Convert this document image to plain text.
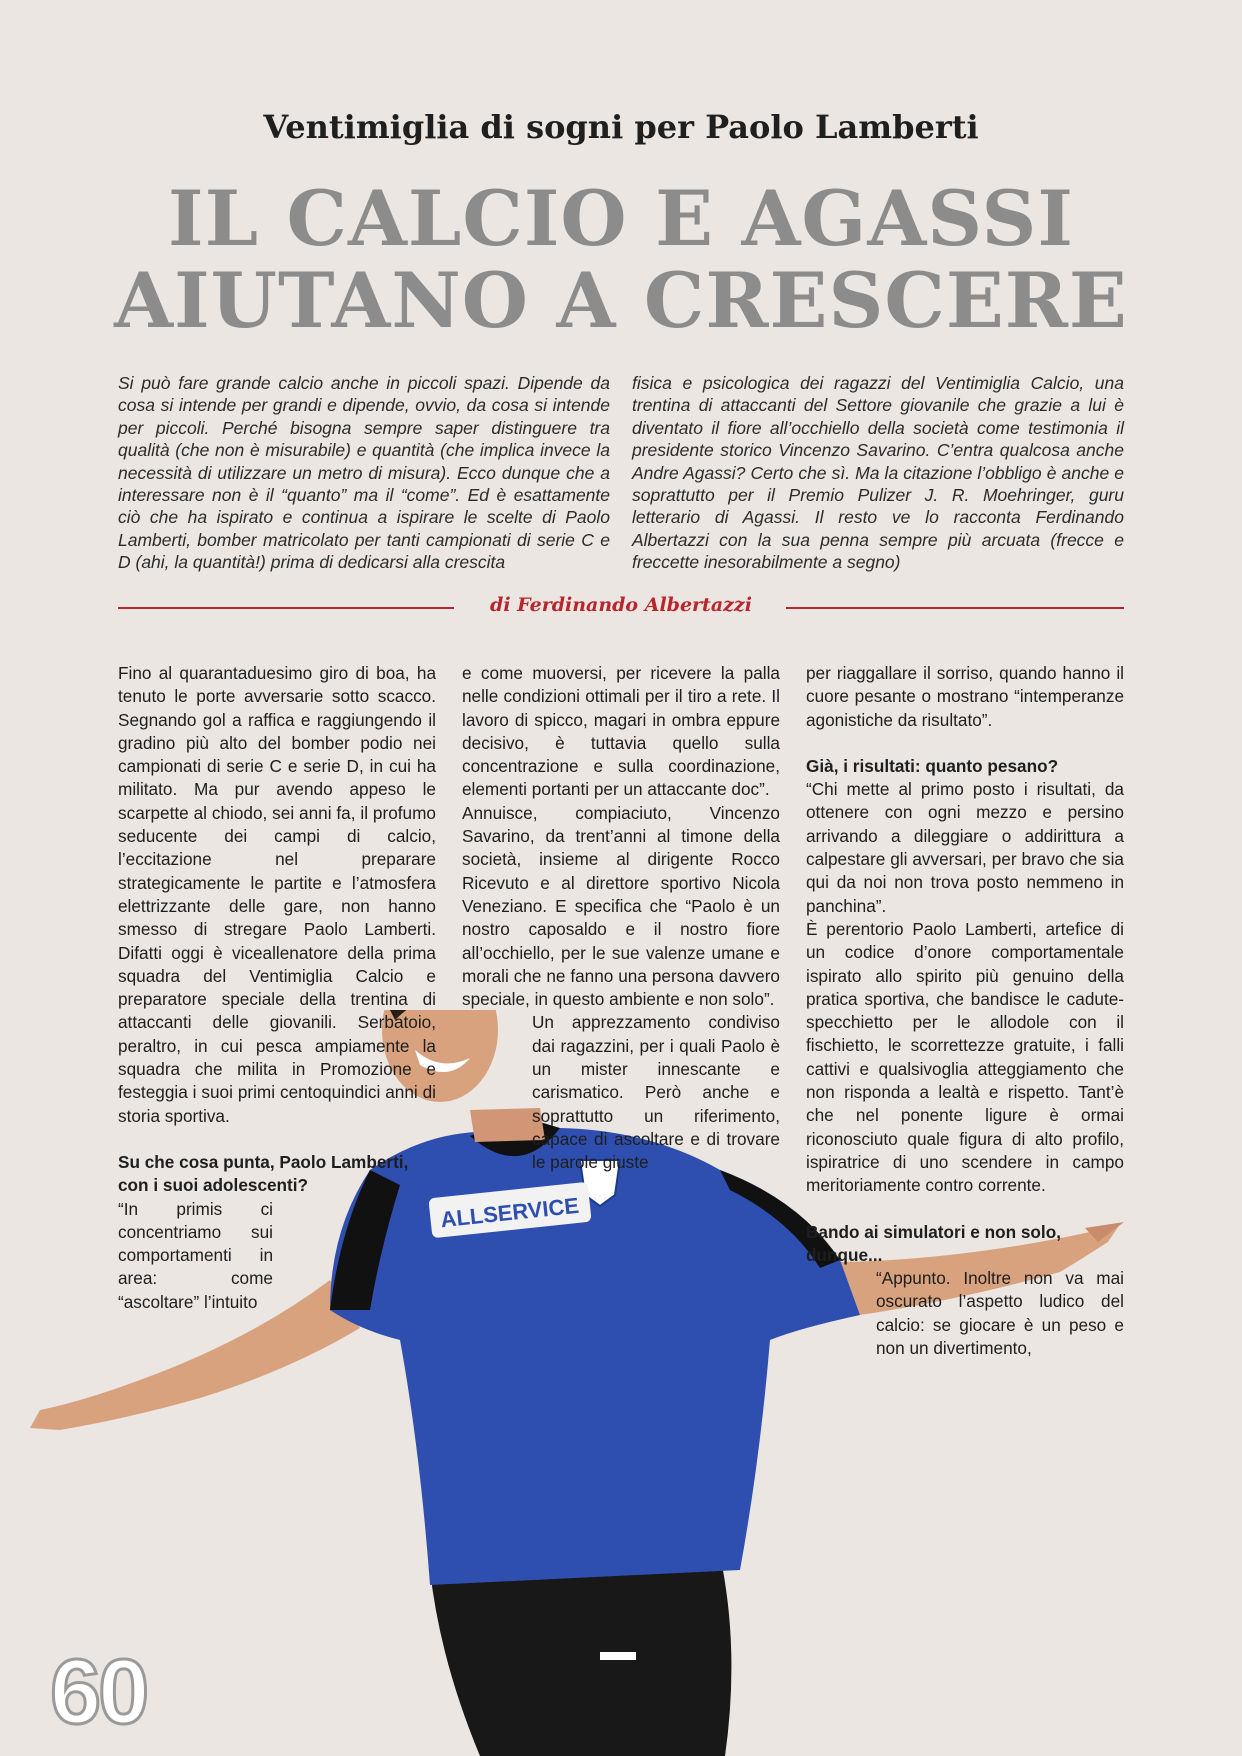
Ventimiglia di sogni per Paolo Lamberti
IL CALCIO E AGASSI
AIUTANO A CRESCERE

Si può fare grande calcio anche in piccoli spazi. Dipende da cosa si intende per grandi e dipende, ovvio, da cosa si intende per piccoli. Perché bisogna sempre saper distinguere tra qualità (che non è misurabile) e quantità (che implica invece la necessità di utilizzare un metro di misura). Ecco dunque che a interessare non è il “quanto” ma il “come”. Ed è esattamente ciò che ha ispirato e continua a ispirare le scelte di Paolo Lamberti, bomber matricolato per tanti campionati di serie C e D (ahi, la quantità!) prima di dedicarsi alla crescita

fisica e psicologica dei ragazzi del Ventimiglia Calcio, una trentina di attaccanti del Settore giovanile che grazie a lui è diventato il fiore all’occhiello della società come testimonia il presidente storico Vincenzo Savarino. C’entra qualcosa anche Andre Agassi? Certo che sì. Ma la citazione l’obbligo è anche e soprattutto per il Premio Pulizer J. R. Moehringer, guru letterario di Agassi. Il resto ve lo racconta Ferdinando Albertazzi con la sua penna sempre più arcuata (frecce e freccette inesorabilmente a segno)

di Ferdinando Albertazzi
ALLSERVICE

Fino al quarantaduesimo giro di boa, ha tenuto le porte avversarie sotto scacco. Segnando gol a raffica e raggiungendo il gradino più alto del bomber podio nei campionati di serie C e serie D, in cui ha militato. Ma pur avendo appeso le scarpette al chiodo, sei anni fa, il profumo seducente dei campi di calcio, l’eccitazione nel preparare strategicamente le partite e l’atmosfera elettrizzante delle gare, non hanno smesso di stregare Paolo Lamberti. Difatti oggi è viceallenatore della prima squadra del Ventimiglia Calcio e preparatore speciale della trentina di attaccanti delle giovanili. Serbatoio, peraltro, in cui pesca ampiamente la squadra che milita in Promozione e festeggia i suoi primi centoquindici anni di storia sportiva.

Su che cosa punta, Paolo Lamberti, con i suoi adolescenti?

“In primis ci concentriamo sui comportamenti in area: come “ascoltare” l’intuito

e come muoversi, per ricevere la palla nelle condizioni ottimali per il tiro a rete. Il lavoro di spicco, magari in ombra eppure decisivo, è tuttavia quello sulla concentrazione e sulla coordinazione, elementi portanti per un attaccante doc”.

Annuisce, compiaciuto, Vincenzo Savarino, da trent’anni al timone della società, insieme al dirigente Rocco Ricevuto e al direttore sportivo Nicola Veneziano. E specifica che “Paolo è un nostro caposaldo e il nostro fiore all’occhiello, per le sue valenze umane e morali che ne fanno una persona davvero speciale, in questo ambiente e non solo”.

Un apprezzamento condiviso dai ragazzini, per i quali Paolo è un mister innescante e carismatico. Però anche e soprattutto un riferimento, capace di ascoltare e di trovare le parole giuste

per riaggallare il sorriso, quando hanno il cuore pesante o mostrano “intemperanze agonistiche da risultato”.

Già, i risultati: quanto pesano?

“Chi mette al primo posto i risultati, da ottenere con ogni mezzo e persino arrivando a dileggiare o addirittura a calpestare gli avversari, per bravo che sia qui da noi non trova posto nemmeno in panchina”.

È perentorio Paolo Lamberti, artefice di un codice d’onore comportamentale ispirato allo spirito più genuino della pratica sportiva, che bandisce le cadute-specchietto per le allodole con il fischietto, le scorrettezze gratuite, i falli cattivi e qualsivoglia atteggiamento che non risponda a lealtà e rispetto. Tant’è che nel ponente ligure è ormai riconosciuto quale figura di alto profilo, ispiratrice di uno scendere in campo meritoriamente contro corrente.

Bando ai simulatori e non solo, dunque...

“Appunto. Inoltre non va mai oscurato l’aspetto ludico del calcio: se giocare è un peso e non un divertimento,

60
